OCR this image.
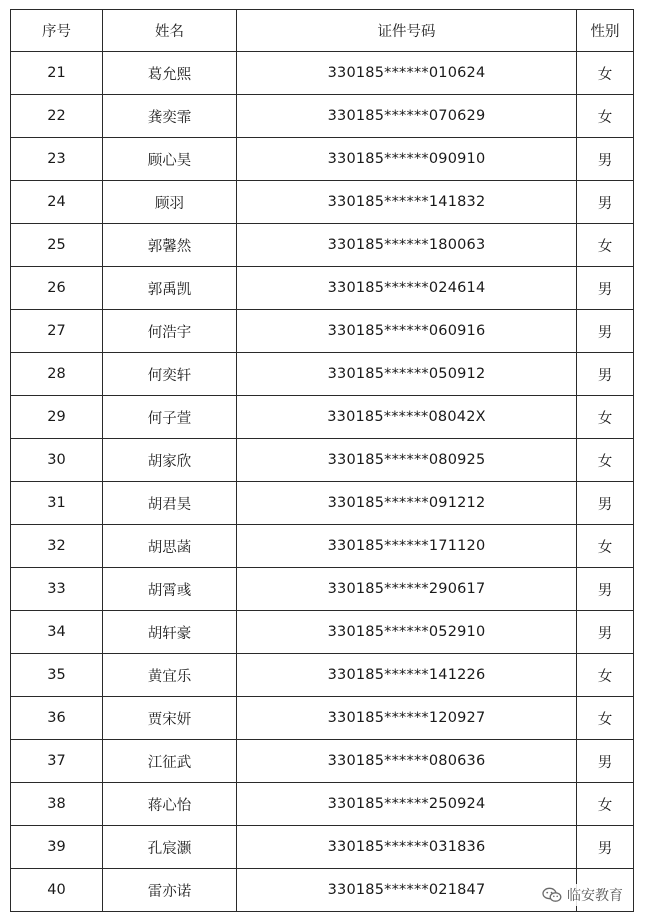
序号	姓名	证件号码	性别
21	葛允熙	330185******010624	女
22	龚奕霏	330185******070629	女
23	顾心昊	330185******090910	男
24	顾羽	330185******141832	男
25	郭馨然	330185******180063	女
26	郭禹凯	330185******024614	男
27	何浩宇	330185******060916	男
28	何奕轩	330185******050912	男
29	何子萱	330185******08042X	女
30	胡家欣	330185******080925	女
31	胡君昊	330185******091212	男
32	胡思菡	330185******171120	女
33	胡霄彧	330185******290617	男
34	胡轩豪	330185******052910	男
35	黄宜乐	330185******141226	女
36	贾宋妍	330185******120927	女
37	江征武	330185******080636	男
38	蒋心怡	330185******250924	女
39	孔宸灏	330185******031836	男
40	雷亦诺	330185******021847		临安教育
